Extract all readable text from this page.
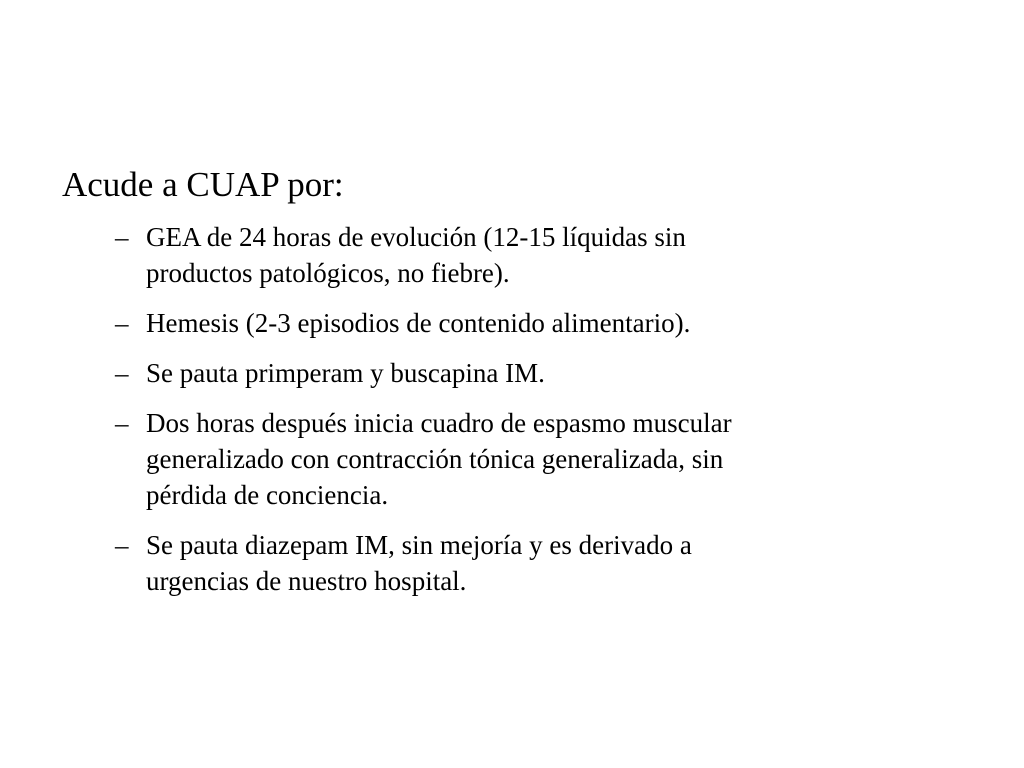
Acude a CUAP por:
– GEA de 24 horas de evolución (12-15 líquidas sin
productos patológicos, no fiebre).
– Hemesis (2-3 episodios de contenido alimentario).
– Se pauta primperam y buscapina IM.
– Dos horas después inicia cuadro de espasmo muscular
generalizado con contracción tónica generalizada, sin
pérdida de conciencia.
– Se pauta diazepam IM, sin mejoría y es derivado a
urgencias de nuestro hospital.
